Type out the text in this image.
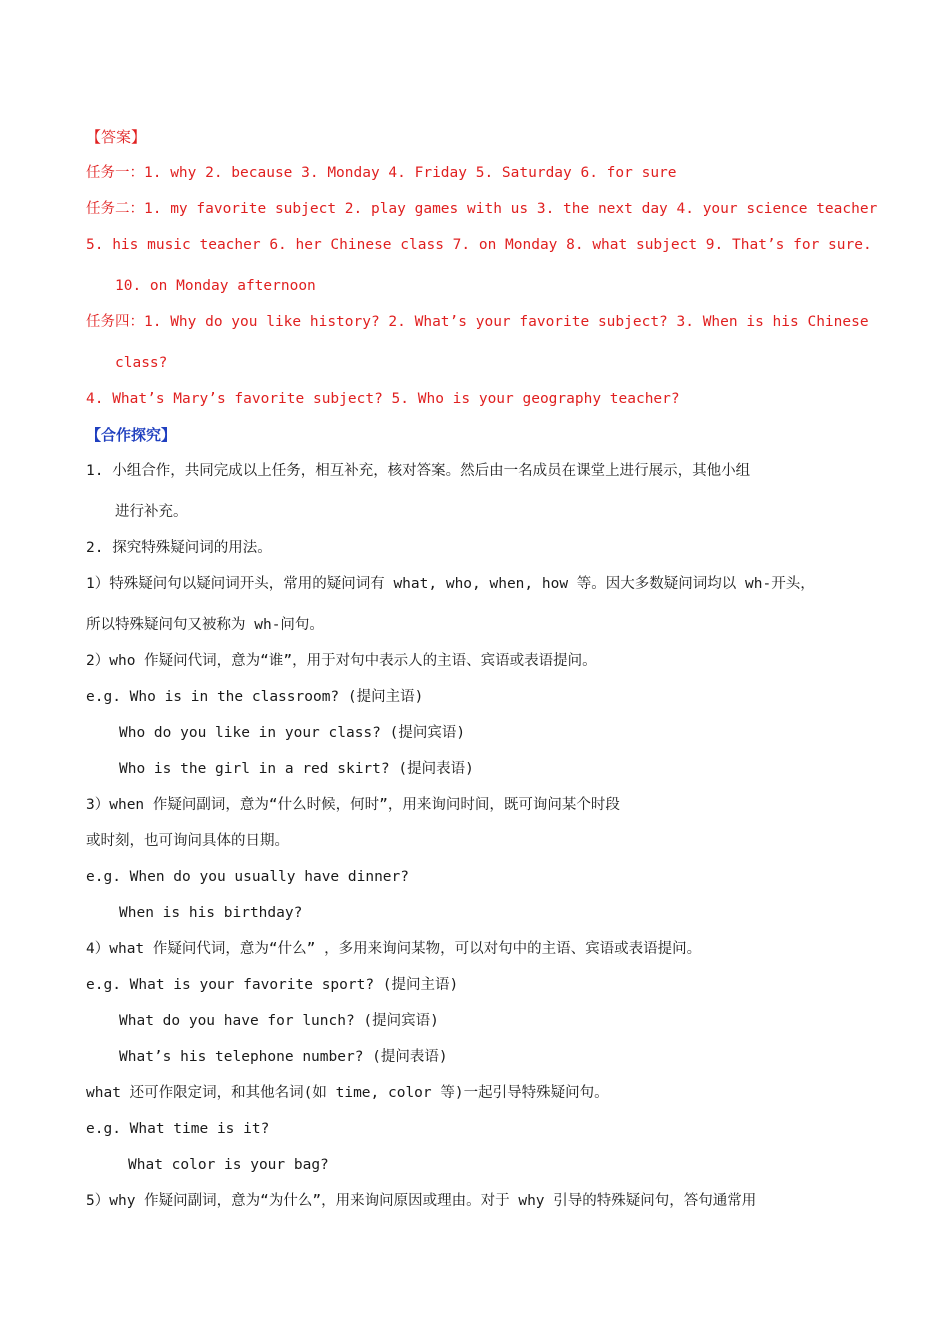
【答案】
任务一：1. why 2. because 3. Monday 4. Friday 5. Saturday 6. for sure
任务二：1. my favorite subject 2. play games with us 3. the next day 4. your science teacher
5. his music teacher 6. her Chinese class 7. on Monday 8. what subject 9. That’s for sure.
10. on Monday afternoon
任务四：1. Why do you like history? 2. What’s your favorite subject? 3. When is his Chinese
class?
4. What’s Mary’s favorite subject? 5. Who is your geography teacher?
【合作探究】
1. 小组合作，共同完成以上任务，相互补充，核对答案。然后由一名成员在课堂上进行展示，其他小组
进行补充。
2. 探究特殊疑问词的用法。
1）特殊疑问句以疑问词开头，常用的疑问词有 what, who, when, how 等。因大多数疑问词均以 wh-开头，
所以特殊疑问句又被称为 wh-问句。
2）who 作疑问代词，意为“谁”，用于对句中表示人的主语、宾语或表语提问。
e.g. Who is in the classroom? (提问主语)
Who do you like in your class? (提问宾语)
Who is the girl in a red skirt? (提问表语)
3）when 作疑问副词，意为“什么时候，何时”，用来询问时间，既可询问某个时段
或时刻，也可询问具体的日期。
e.g. When do you usually have dinner?
When is his birthday?
4）what 作疑问代词，意为“什么” ，多用来询问某物，可以对句中的主语、宾语或表语提问。
e.g. What is your favorite sport? (提问主语)
What do you have for lunch? (提问宾语)
What’s his telephone number? (提问表语)
what 还可作限定词，和其他名词(如 time, color 等)一起引导特殊疑问句。
e.g. What time is it?
What color is your bag?
5）why 作疑问副词，意为“为什么”，用来询问原因或理由。对于 why 引导的特殊疑问句，答句通常用
